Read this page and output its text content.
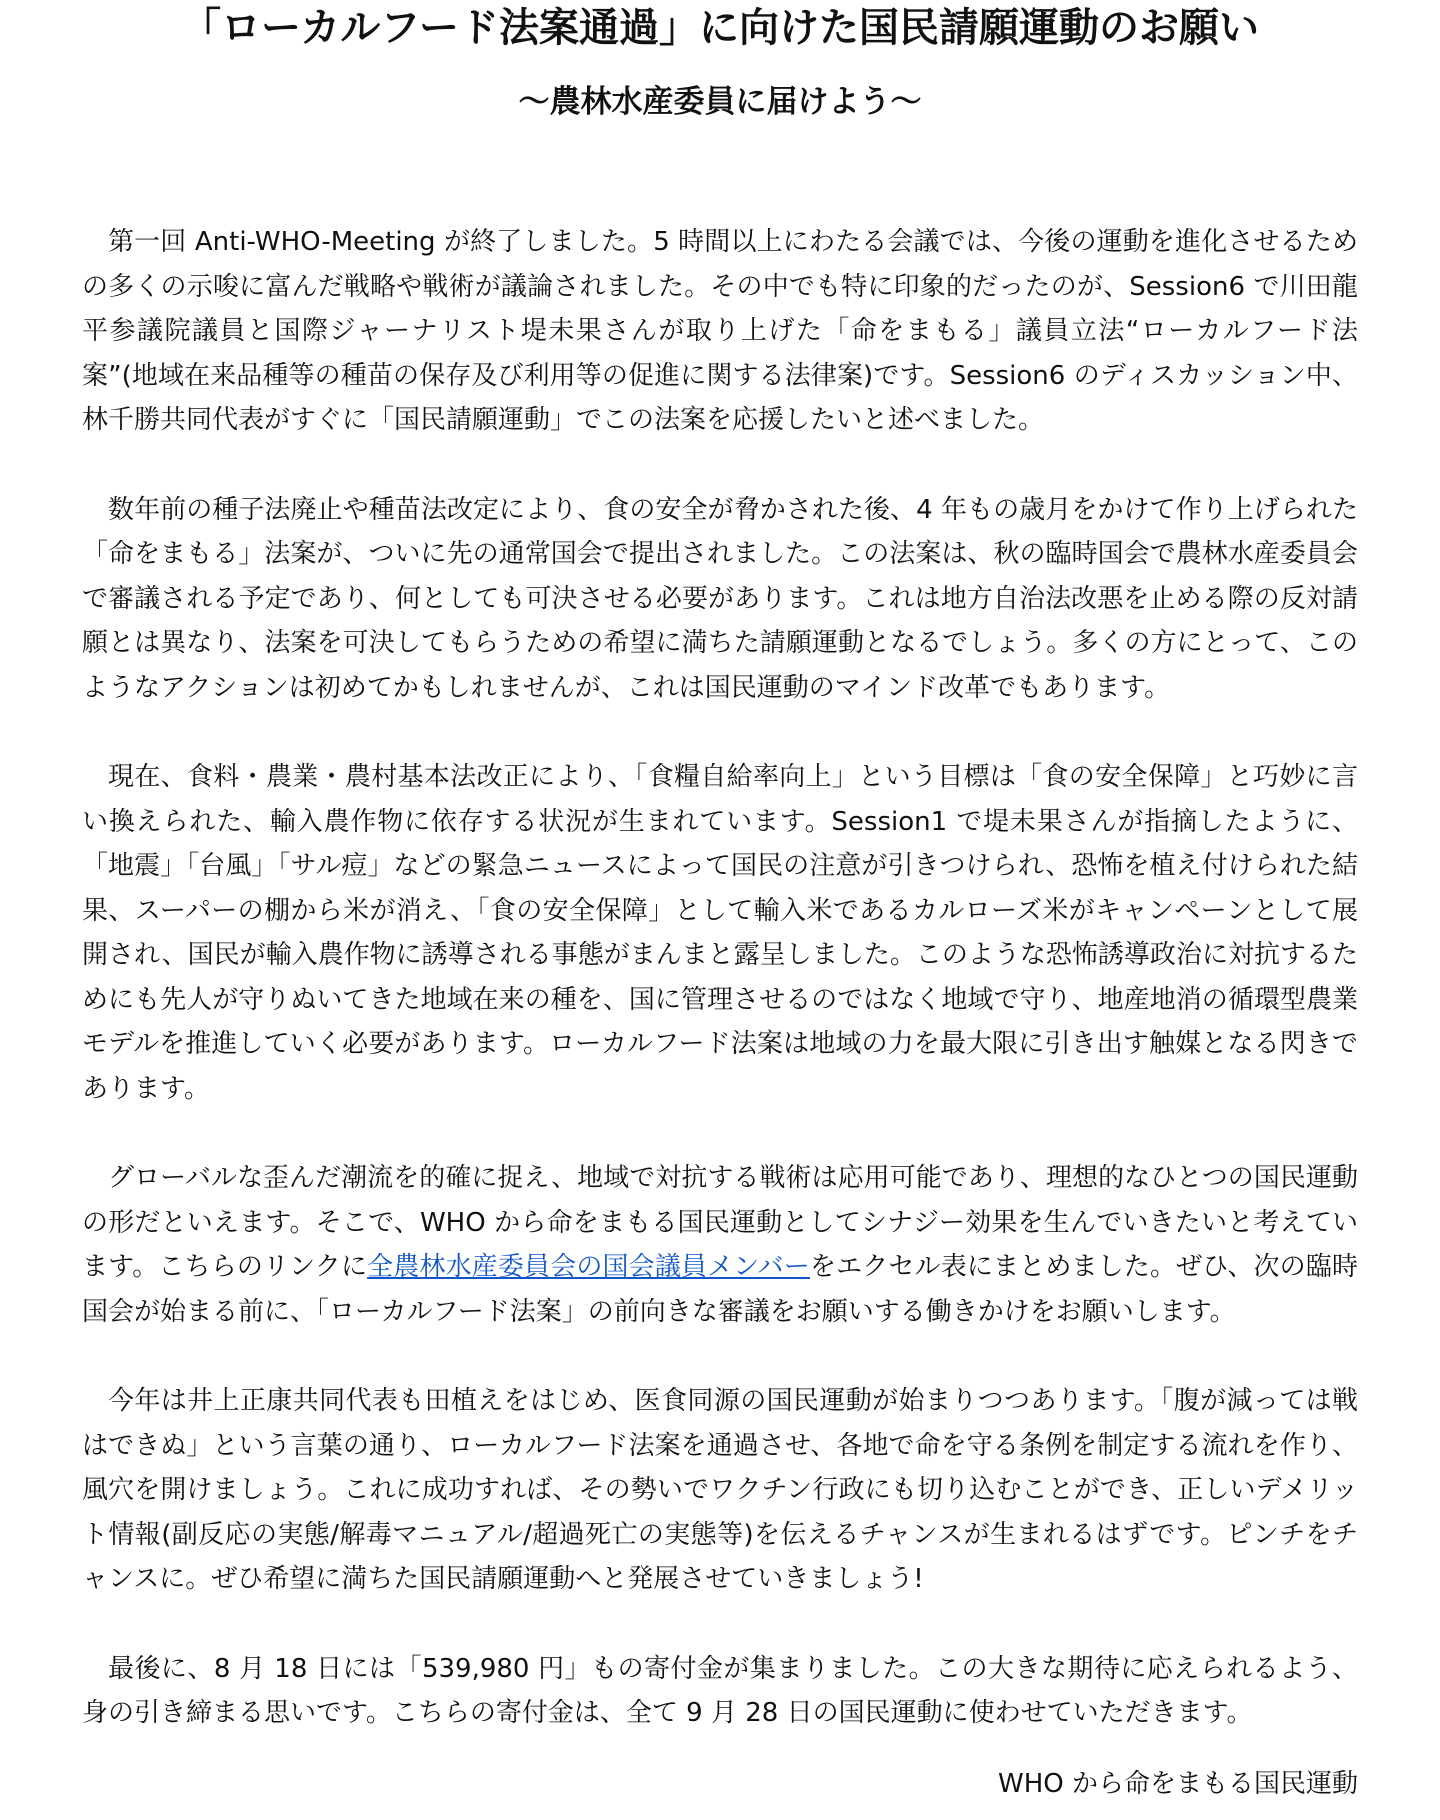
「ローカルフード法案通過」に向けた国民請願運動のお願い
～農林水産委員に届けよう～

第一回 Anti-WHO-Meeting が終了しました。5 時間以上にわたる会議では、今後の運動を進化させるための多くの示唆に富んだ戦略や戦術が議論されました。その中でも特に印象的だったのが、Session6 で川田龍平参議院議員と国際ジャーナリスト堤未果さんが取り上げた「命をまもる」議員立法“ローカルフード法案”(地域在来品種等の種苗の保存及び利用等の促進に関する法律案)です。Session6 のディスカッション中、林千勝共同代表がすぐに「国民請願運動」でこの法案を応援したいと述べました。

数年前の種子法廃止や種苗法改定により、食の安全が脅かされた後、4 年もの歳月をかけて作り上げられた「命をまもる」法案が、ついに先の通常国会で提出されました。この法案は、秋の臨時国会で農林水産委員会で審議される予定であり、何としても可決させる必要があります。これは地方自治法改悪を止める際の反対請願とは異なり、法案を可決してもらうための希望に満ちた請願運動となるでしょう。多くの方にとって、このようなアクションは初めてかもしれませんが、これは国民運動のマインド改革でもあります。

現在、食料・農業・農村基本法改正により、「食糧自給率向上」という目標は「食の安全保障」と巧妙に言い換えられた、輸入農作物に依存する状況が生まれています。Session1 で堤未果さんが指摘したように、「地震」「台風」「サル痘」などの緊急ニュースによって国民の注意が引きつけられ、恐怖を植え付けられた結果、スーパーの棚から米が消え、「食の安全保障」として輸入米であるカルローズ米がキャンペーンとして展開され、国民が輸入農作物に誘導される事態がまんまと露呈しました。このような恐怖誘導政治に対抗するためにも先人が守りぬいてきた地域在来の種を、国に管理させるのではなく地域で守り、地産地消の循環型農業モデルを推進していく必要があります。ローカルフード法案は地域の力を最大限に引き出す触媒となる閃きであります。

グローバルな歪んだ潮流を的確に捉え、地域で対抗する戦術は応用可能であり、理想的なひとつの国民運動の形だといえます。そこで、WHO から命をまもる国民運動としてシナジー効果を生んでいきたいと考えています。こちらのリンクに全農林水産委員会の国会議員メンバーをエクセル表にまとめました。ぜひ、次の臨時国会が始まる前に、「ローカルフード法案」の前向きな審議をお願いする働きかけをお願いします。

今年は井上正康共同代表も田植えをはじめ、医食同源の国民運動が始まりつつあります。「腹が減っては戦はできぬ」という言葉の通り、ローカルフード法案を通過させ、各地で命を守る条例を制定する流れを作り、風穴を開けましょう。これに成功すれば、その勢いでワクチン行政にも切り込むことができ、正しいデメリット情報(副反応の実態/解毒マニュアル/超過死亡の実態等)を伝えるチャンスが生まれるはずです。ピンチをチャンスに。ぜひ希望に満ちた国民請願運動へと発展させていきましょう!

最後に、8 月 18 日には「539,980 円」もの寄付金が集まりました。この大きな期待に応えられるよう、身の引き締まる思いです。こちらの寄付金は、全て 9 月 28 日の国民運動に使わせていただきます。

WHO から命をまもる国民運動
